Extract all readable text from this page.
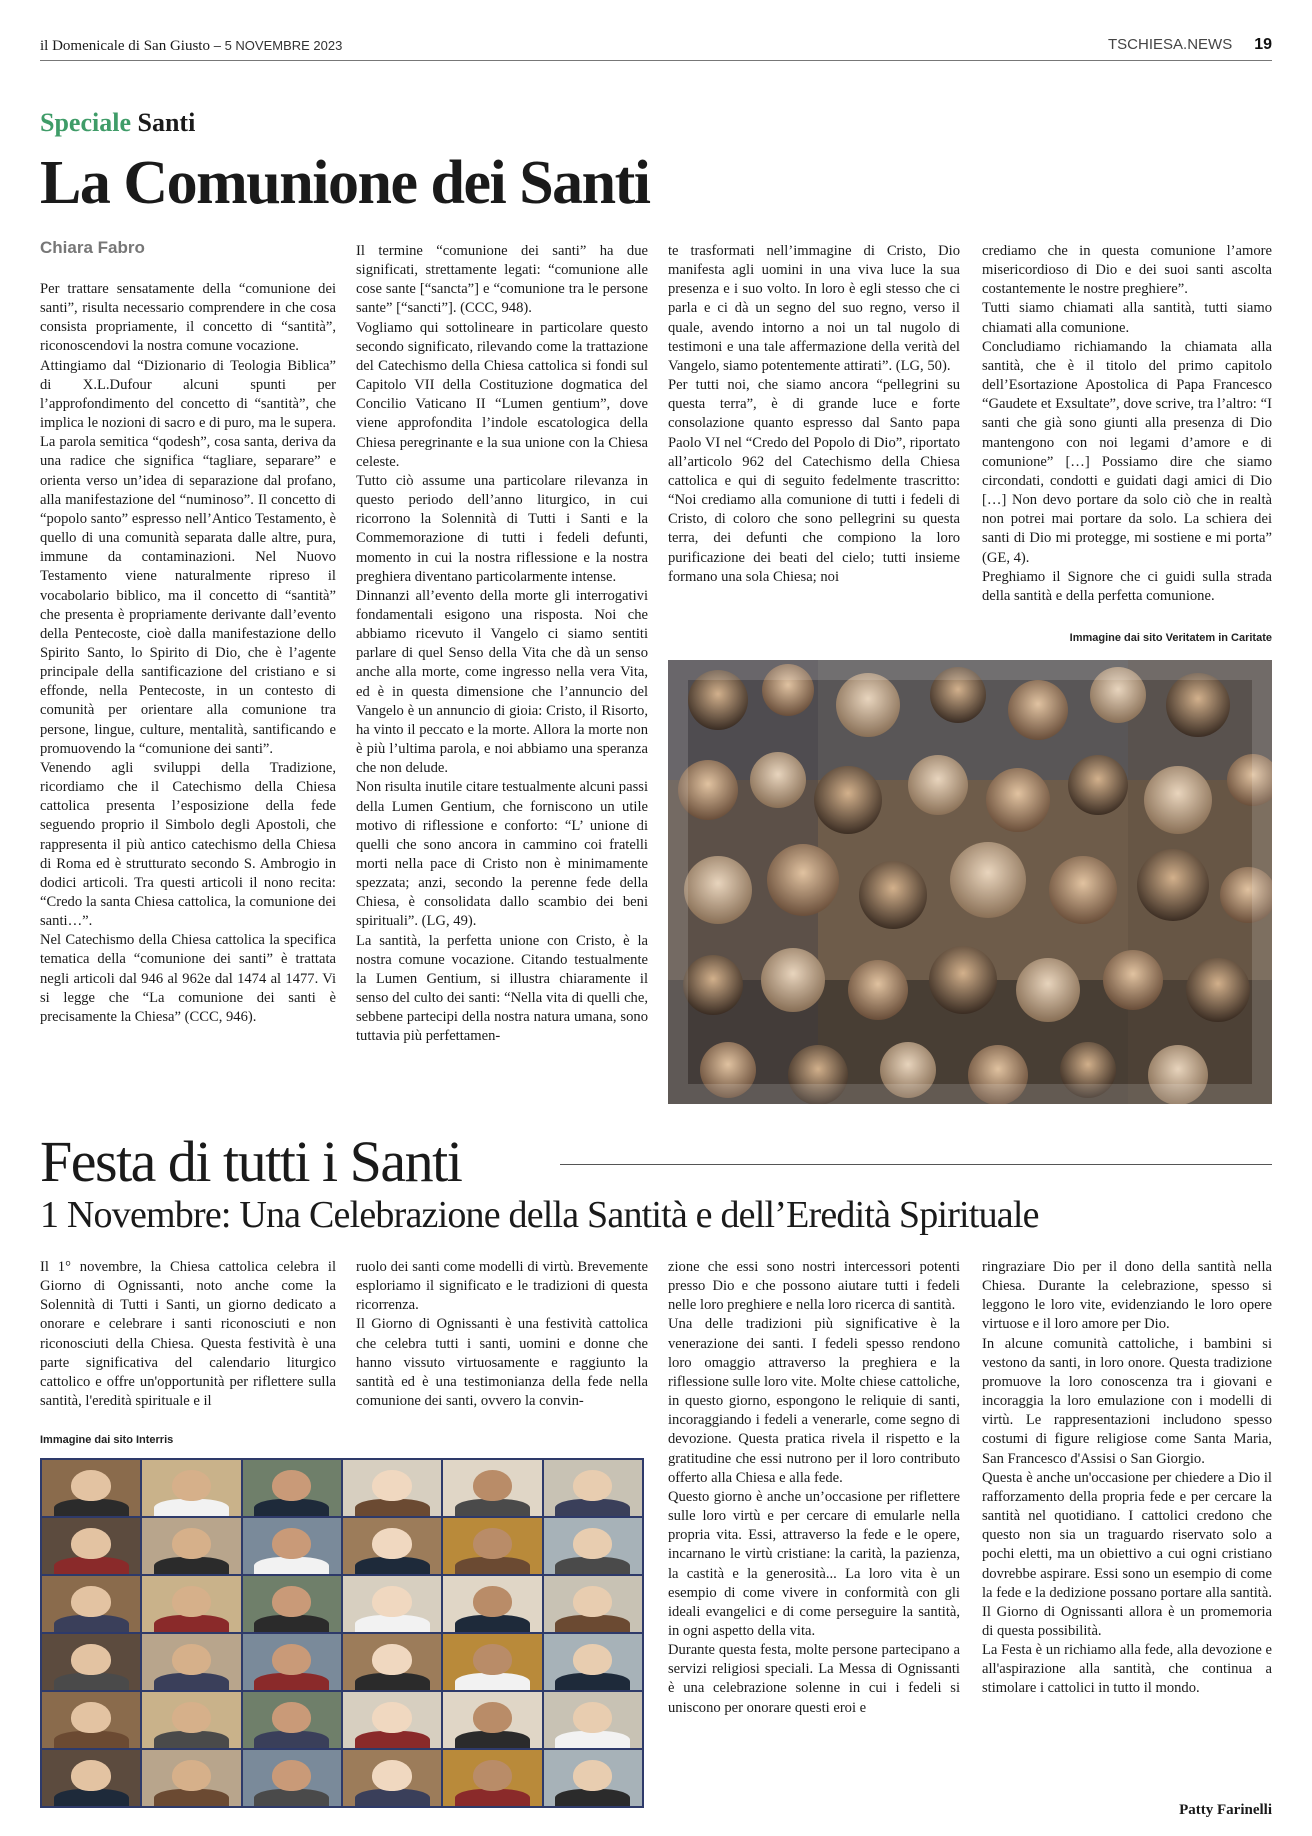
il Domenicale di San Giusto – 5 NOVEMBRE 2023	TSCHIESA.NEWS 19
Speciale Santi
La Comunione dei Santi
Chiara Fabro

Per trattare sensatamente della “comunione dei santi”, risulta necessario comprendere in che cosa consista propriamente, il concetto di “santità”, riconoscendovi la nostra comune vocazione.

Attingiamo dal “Dizionario di Teologia Biblica” di X.L.Dufour alcuni spunti per l’approfondimento del concetto di “santità”, che implica le nozioni di sacro e di puro, ma le supera. La parola semitica “qodesh”, cosa santa, deriva da una radice che significa “tagliare, separare” e orienta verso un’idea di separazione dal profano, alla manifestazione del “numinoso”. Il concetto di “popolo santo” espresso nell’Antico Testamento, è quello di una comunità separata dalle altre, pura, immune da contaminazioni. Nel Nuovo Testamento viene naturalmente ripreso il vocabolario biblico, ma il concetto di “santità” che presenta è propriamente derivante dall’evento della Pentecoste, cioè dalla manifestazione dello Spirito Santo, lo Spirito di Dio, che è l’agente principale della santificazione del cristiano e si effonde, nella Pentecoste, in un contesto di comunità per orientare alla comunione tra persone, lingue, culture, mentalità, santificando e promuovendo la “comunione dei santi”.

Venendo agli sviluppi della Tradizione, ricordiamo che il Catechismo della Chiesa cattolica presenta l’esposizione della fede seguendo proprio il Simbolo degli Apostoli, che rappresenta il più antico catechismo della Chiesa di Roma ed è strutturato secondo S. Ambrogio in dodici articoli. Tra questi articoli il nono recita: “Credo la santa Chiesa cattolica, la comunione dei santi…”.

Nel Catechismo della Chiesa cattolica la specifica tematica della “comunione dei santi” è trattata negli articoli dal 946 al 962e dal 1474 al 1477. Vi si legge che “La comunione dei santi è precisamente la Chiesa” (CCC, 946).

Il termine “comunione dei santi” ha due significati, strettamente legati: “comunione alle cose sante [“sancta”] e “comunione tra le persone sante” [“sancti”]. (CCC, 948).

Vogliamo qui sottolineare in particolare questo secondo significato, rilevando come la trattazione del Catechismo della Chiesa cattolica si fondi sul Capitolo VII della Costituzione dogmatica del Concilio Vaticano II “Lumen gentium”, dove viene approfondita l’indole escatologica della Chiesa peregrinante e la sua unione con la Chiesa celeste.

Tutto ciò assume una particolare rilevanza in questo periodo dell’anno liturgico, in cui ricorrono la Solennità di Tutti i Santi e la Commemorazione di tutti i fedeli defunti, momento in cui la nostra riflessione e la nostra preghiera diventano particolarmente intense.

Dinnanzi all’evento della morte gli interrogativi fondamentali esigono una risposta. Noi che abbiamo ricevuto il Vangelo ci siamo sentiti parlare di quel Senso della Vita che dà un senso anche alla morte, come ingresso nella vera Vita, ed è in questa dimensione che l’annuncio del Vangelo è un annuncio di gioia: Cristo, il Risorto, ha vinto il peccato e la morte. Allora la morte non è più l’ultima parola, e noi abbiamo una speranza che non delude.

Non risulta inutile citare testualmente alcuni passi della Lumen Gentium, che forniscono un utile motivo di riflessione e conforto: “L’ unione di quelli che sono ancora in cammino coi fratelli morti nella pace di Cristo non è minimamente spezzata; anzi, secondo la perenne fede della Chiesa, è consolidata dallo scambio dei beni spirituali”. (LG, 49).

La santità, la perfetta unione con Cristo, è la nostra comune vocazione. Citando testualmente la Lumen Gentium, si illustra chiaramente il senso del culto dei santi: “Nella vita di quelli che, sebbene partecipi della nostra natura umana, sono tuttavia più perfettamen-

te trasformati nell’immagine di Cristo, Dio manifesta agli uomini in una viva luce la sua presenza e i suo volto. In loro è egli stesso che ci parla e ci dà un segno del suo regno, verso il quale, avendo intorno a noi un tal nugolo di testimoni e una tale affermazione della verità del Vangelo, siamo potentemente attirati”. (LG, 50).

Per tutti noi, che siamo ancora “pellegrini su questa terra”, è di grande luce e forte consolazione quanto espresso dal Santo papa Paolo VI nel “Credo del Popolo di Dio”, riportato all’articolo 962 del Catechismo della Chiesa cattolica e qui di seguito fedelmente trascritto: “Noi crediamo alla comunione di tutti i fedeli di Cristo, di coloro che sono pellegrini su questa terra, dei defunti che compiono la loro purificazione dei beati del cielo; tutti insieme formano una sola Chiesa; noi

crediamo che in questa comunione l’amore misericordioso di Dio e dei suoi santi ascolta costantemente le nostre preghiere”.

Tutti siamo chiamati alla santità, tutti siamo chiamati alla comunione.

Concludiamo richiamando la chiamata alla santità, che è il titolo del primo capitolo dell’Esortazione Apostolica di Papa Francesco “Gaudete et Exsultate”, dove scrive, tra l’altro: “I santi che già sono giunti alla presenza di Dio mantengono con noi legami d’amore e di comunione” […] Possiamo dire che siamo circondati, condotti e guidati dagi amici di Dio […] Non devo portare da solo ciò che in realtà non potrei mai portare da solo. La schiera dei santi di Dio mi protegge, mi sostiene e mi porta” (GE, 4).

Preghiamo il Signore che ci guidi sulla strada della santità e della perfetta comunione.

Immagine dai sito Veritatem in Caritate
Festa di tutti i Santi
1 Novembre: Una Celebrazione della Santità e dell’Eredità Spirituale

Il 1° novembre, la Chiesa cattolica celebra il Giorno di Ognissanti, noto anche come la Solennità di Tutti i Santi, un giorno dedicato a onorare e celebrare i santi riconosciuti e non riconosciuti della Chiesa. Questa festività è una parte significativa del calendario liturgico cattolico e offre un'opportunità per riflettere sulla santità, l'eredità spirituale e il

Immagine dai sito Interris

ruolo dei santi come modelli di virtù. Brevemente esploriamo il significato e le tradizioni di questa ricorrenza.

Il Giorno di Ognissanti è una festività cattolica che celebra tutti i santi, uomini e donne che hanno vissuto virtuosamente e raggiunto la santità ed è una testimonianza della fede nella comunione dei santi, ovvero la convin-

zione che essi sono nostri intercessori potenti presso Dio e che possono aiutare tutti i fedeli nelle loro preghiere e nella loro ricerca di santità.

Una delle tradizioni più significative è la venerazione dei santi. I fedeli spesso rendono loro omaggio attraverso la preghiera e la riflessione sulle loro vite. Molte chiese cattoliche, in questo giorno, espongono le reliquie di santi, incoraggiando i fedeli a venerarle, come segno di devozione. Questa pratica rivela il rispetto e la gratitudine che essi nutrono per il loro contributo offerto alla Chiesa e alla fede.

Questo giorno è anche un’occasione per riflettere sulle loro virtù e per cercare di emularle nella propria vita. Essi, attraverso la fede e le opere, incarnano le virtù cristiane: la carità, la pazienza, la castità e la generosità... La loro vita è un esempio di come vivere in conformità con gli ideali evangelici e di come perseguire la santità, in ogni aspetto della vita.

Durante questa festa, molte persone partecipano a servizi religiosi speciali. La Messa di Ognissanti è una celebrazione solenne in cui i fedeli si uniscono per onorare questi eroi e

ringraziare Dio per il dono della santità nella Chiesa. Durante la celebrazione, spesso si leggono le loro vite, evidenziando le loro opere virtuose e il loro amore per Dio.

In alcune comunità cattoliche, i bambini si vestono da santi, in loro onore. Questa tradizione promuove la loro conoscenza tra i giovani e incoraggia la loro emulazione con i modelli di virtù. Le rappresentazioni includono spesso costumi di figure religiose come Santa Maria, San Francesco d'Assisi o San Giorgio.

Questa è anche un'occasione per chiedere a Dio il rafforzamento della propria fede e per cercare la santità nel quotidiano. I cattolici credono che questo non sia un traguardo riservato solo a pochi eletti, ma un obiettivo a cui ogni cristiano dovrebbe aspirare. Essi sono un esempio di come la fede e la dedizione possano portare alla santità. Il Giorno di Ognissanti allora è un promemoria di questa possibilità.

La Festa è un richiamo alla fede, alla devozione e all'aspirazione alla santità, che continua a stimolare i cattolici in tutto il mondo.

Patty Farinelli
